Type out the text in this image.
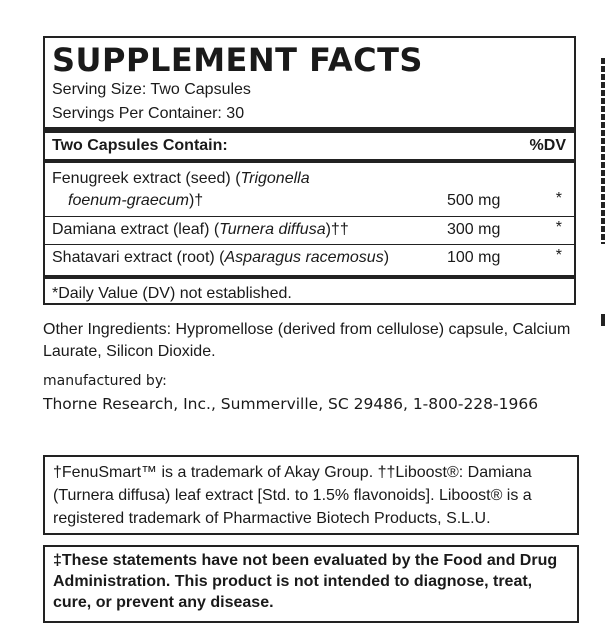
SUPPLEMENT FACTS
Serving Size: Two Capsules
Servings Per Container: 30
Two Capsules Contain:	%DV
Fenugreek extract (seed) (Trigonella
foenum-graecum)†	500 mg	*
Damiana extract (leaf) (Turnera diffusa)††	300 mg	*
Shatavari extract (root) (Asparagus racemosus)	100 mg	*
*Daily Value (DV) not established.
Other Ingredients: Hypromellose (derived from cellulose) capsule, Calcium Laurate, Silicon Dioxide.
manufactured by:
Thorne Research, Inc., Summerville, SC 29486, 1-800-228-1966
†FenuSmart™ is a trademark of Akay Group. ††Liboost®: Damiana (Turnera diffusa) leaf extract [Std. to 1.5% flavonoids]. Liboost® is a registered trademark of Pharmactive Biotech Products, S.L.U.
‡These statements have not been evaluated by the Food and Drug Administration. This product is not intended to diagnose, treat, cure, or prevent any disease.
